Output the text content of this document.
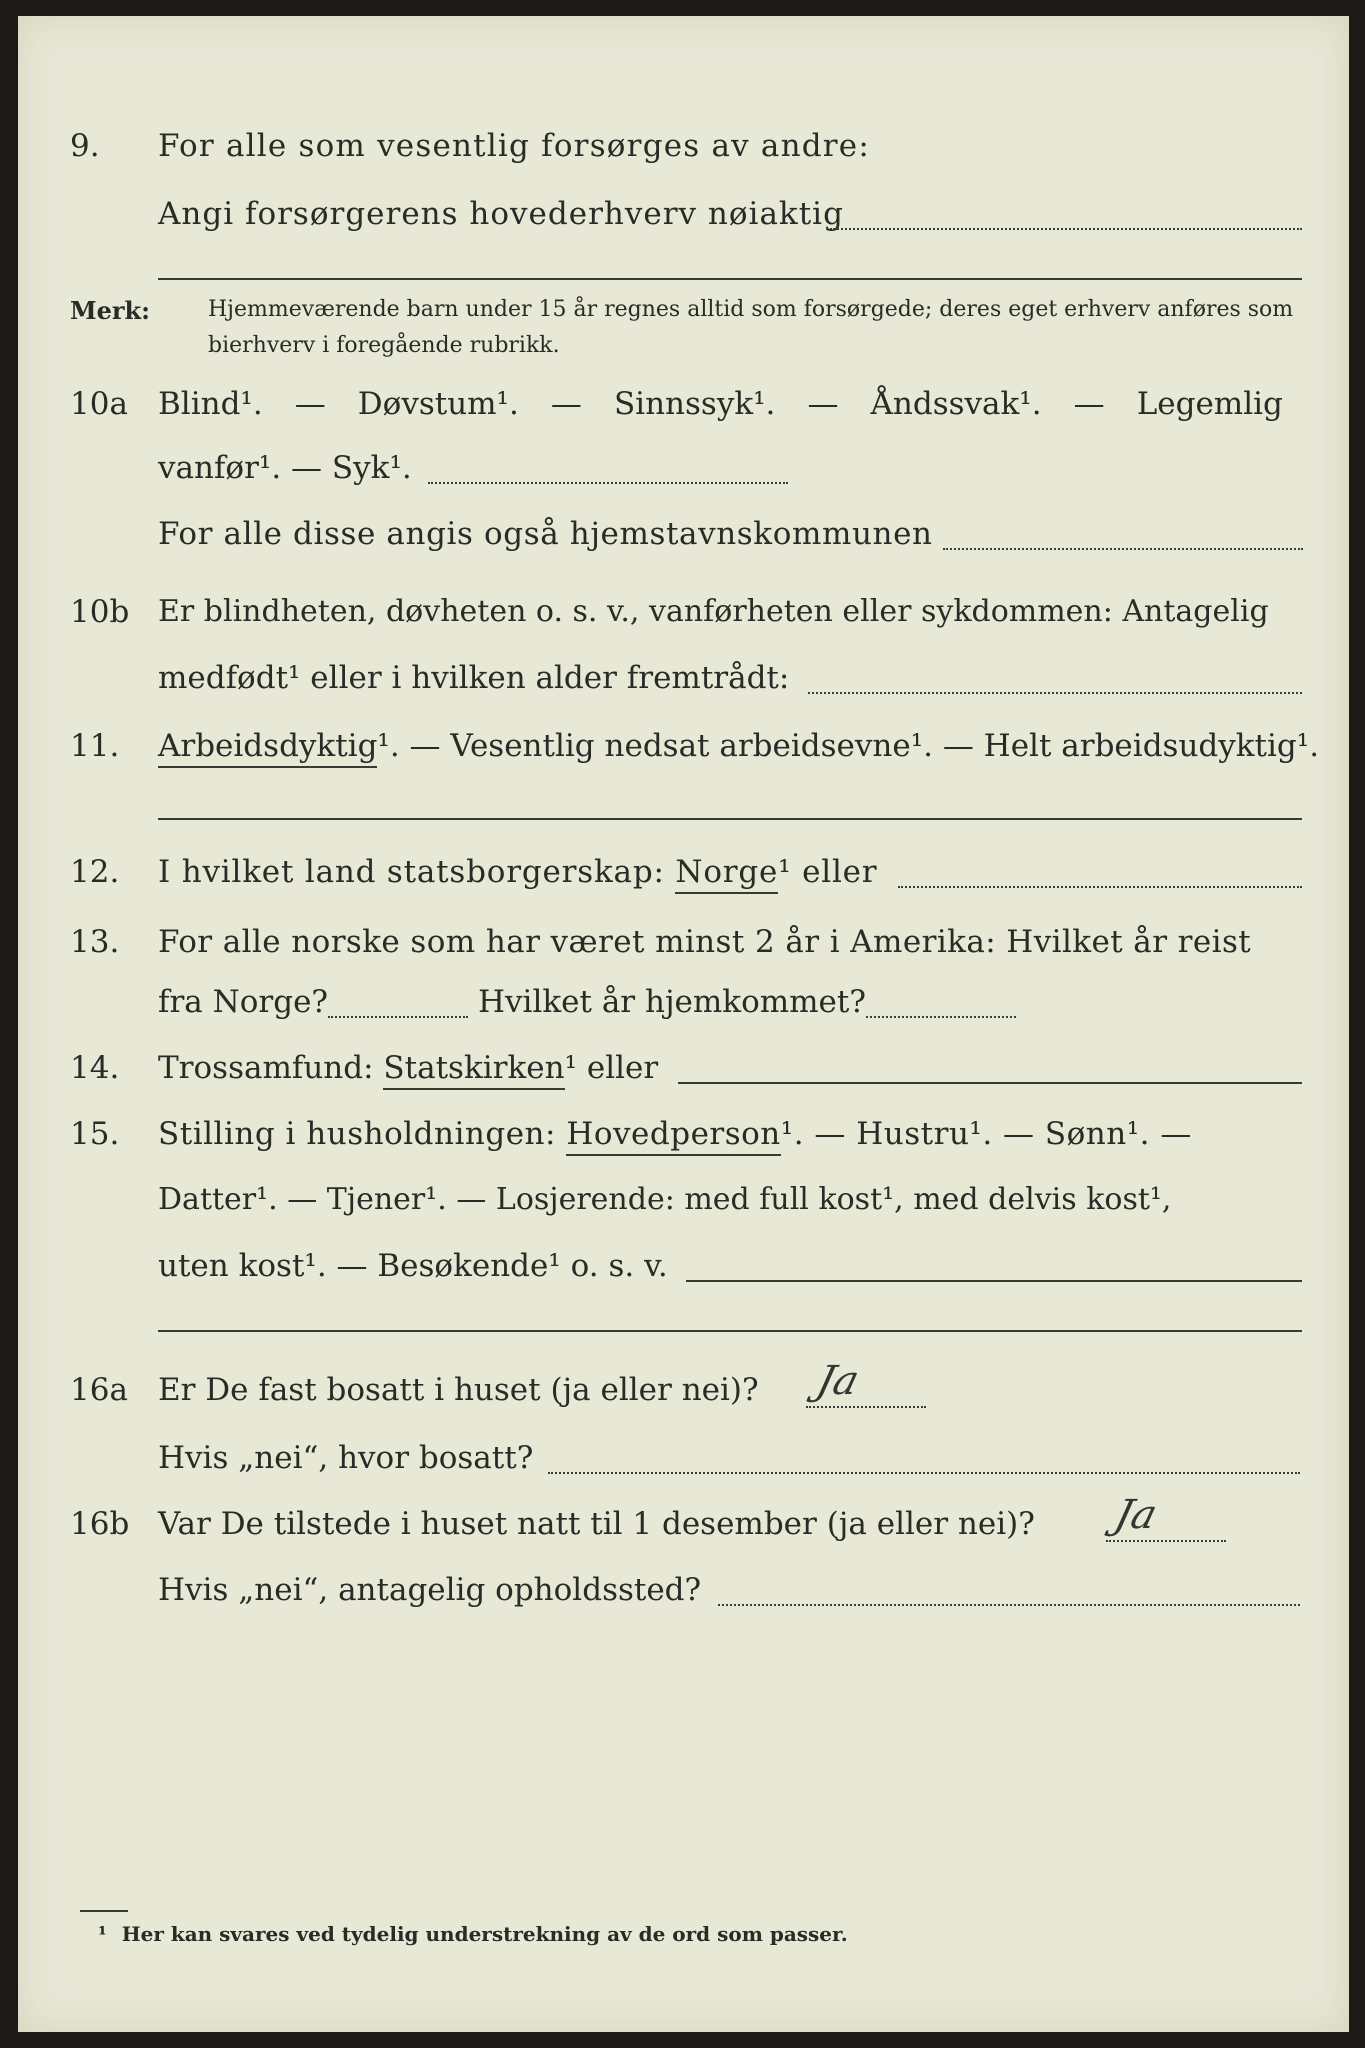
9. For alle som vesentlig forsørges av andre:
Angi forsørgerens hovederhverv nøiaktig
Merk:	Hjemmeværende barn under 15 år regnes alltid som forsørgede; deres eget erhverv anføres som bierhverv i foregående rubrikk.
10a Blind¹. — Døvstum¹. — Sinnssyk¹. — Åndssvak¹. — Legemlig
vanfør¹. — Syk¹.
For alle disse angis også hjemstavnskommunen
10b Er blindheten, døvheten o. s. v., vanførheten eller sykdommen: Antagelig
medfødt¹ eller i hvilken alder fremtrådt:
11. Arbeidsdyktig¹. — Vesentlig nedsat arbeidsevne¹. — Helt arbeidsudyktig¹.
12. I hvilket land statsborgerskap: Norge¹ eller
13. For alle norske som har været minst 2 år i Amerika: Hvilket år reist
fra Norge?	Hvilket år hjemkommet?
14. Trossamfund: Statskirken¹ eller
15. Stilling i husholdningen: Hovedperson¹. — Hustru¹. — Sønn¹. —
Datter¹. — Tjener¹. — Losjerende: med full kost¹, med delvis kost¹,
uten kost¹. — Besøkende¹ o. s. v.
16a Er De fast bosatt i huset (ja eller nei)? Ja
Hvis „nei“, hvor bosatt?
16b Var De tilstede i huset natt til 1 desember (ja eller nei)? Ja
Hvis „nei“, antagelig opholdssted?
¹ Her kan svares ved tydelig understrekning av de ord som passer.
